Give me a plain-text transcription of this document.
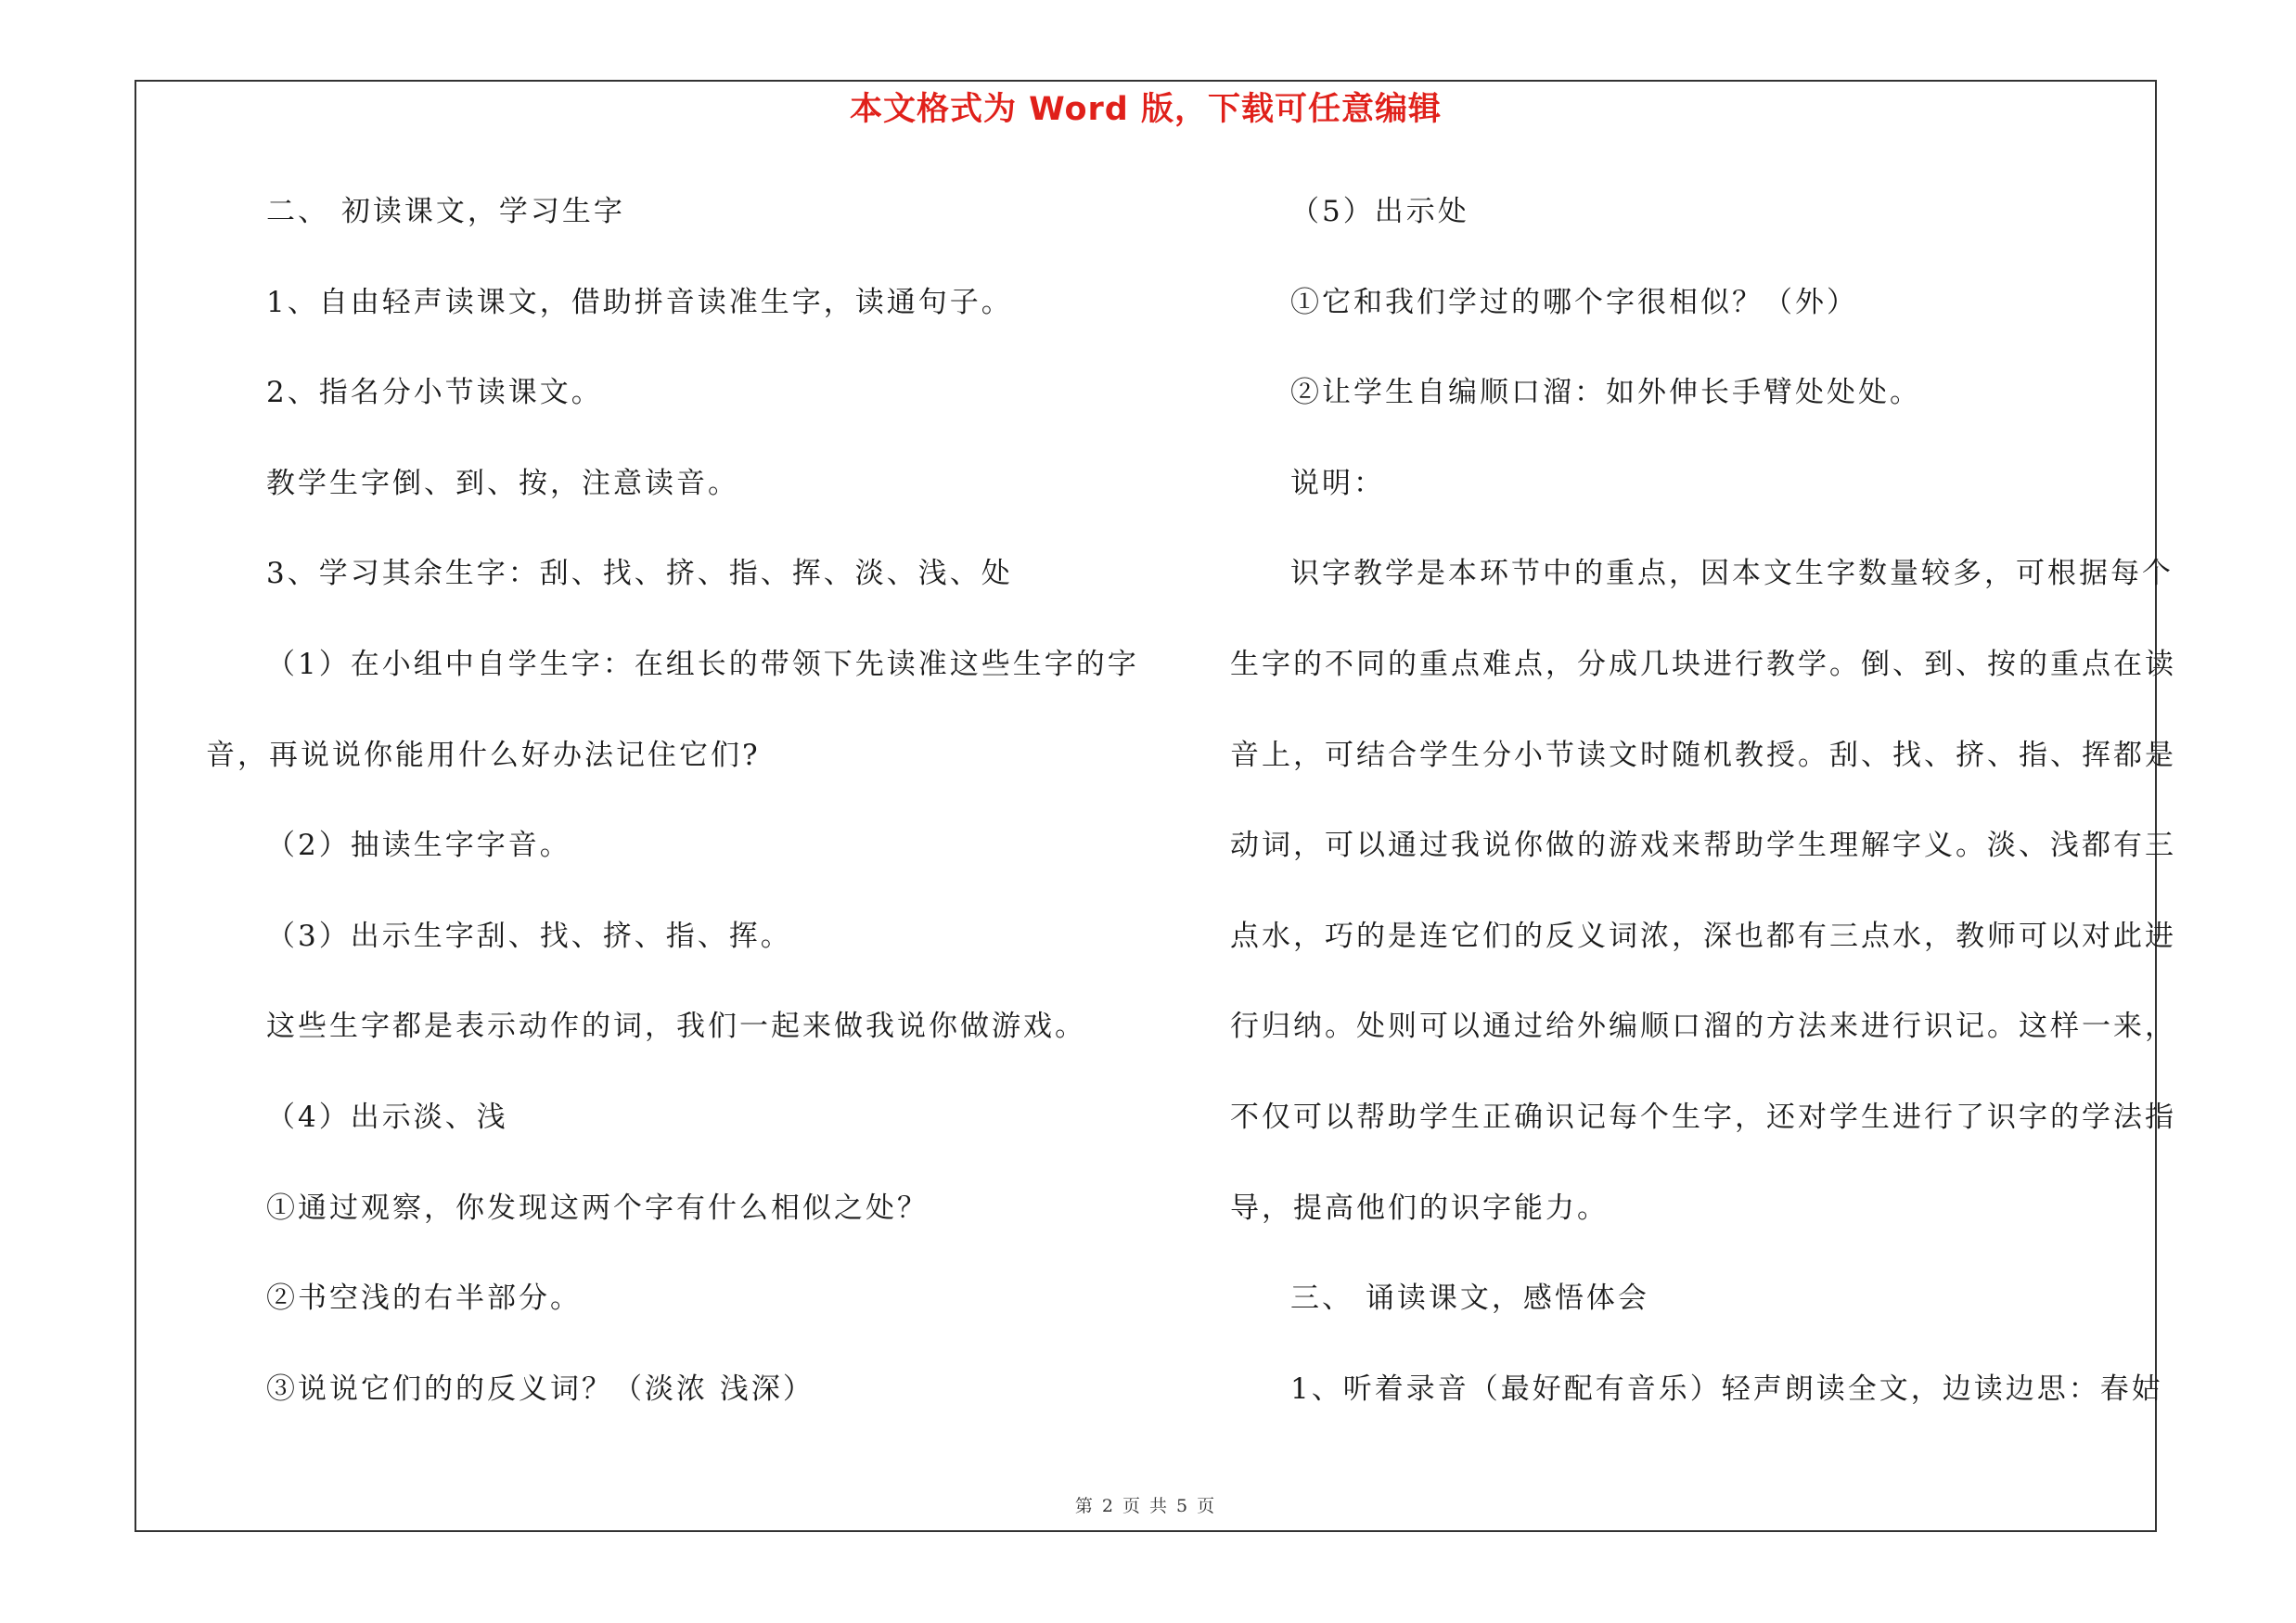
本文格式为 Word 版，下载可任意编辑
二、 初读课文，学习生字
1、自由轻声读课文，借助拼音读准生字，读通句子。
2、指名分小节读课文。
教学生字倒、到、按，注意读音。
3、学习其余生字：刮、找、挤、指、挥、淡、浅、处
（1）在小组中自学生字：在组长的带领下先读准这些生字的字
音，再说说你能用什么好办法记住它们?
（2）抽读生字字音。
（3）出示生字刮、找、挤、指、挥。
这些生字都是表示动作的词，我们一起来做我说你做游戏。
（4）出示淡、浅
①通过观察，你发现这两个字有什么相似之处？
②书空浅的右半部分。
③说说它们的的反义词？（淡浓 浅深）
（5）出示处
①它和我们学过的哪个字很相似？（外）
②让学生自编顺口溜：如外伸长手臂处处处。
说明：
识字教学是本环节中的重点，因本文生字数量较多，可根据每个
生字的不同的重点难点，分成几块进行教学。倒、到、按的重点在读
音上，可结合学生分小节读文时随机教授。刮、找、挤、指、挥都是
动词，可以通过我说你做的游戏来帮助学生理解字义。淡、浅都有三
点水，巧的是连它们的反义词浓，深也都有三点水，教师可以对此进
行归纳。处则可以通过给外编顺口溜的方法来进行识记。这样一来，
不仅可以帮助学生正确识记每个生字，还对学生进行了识字的学法指
导，提高他们的识字能力。
三、 诵读课文，感悟体会
1、听着录音（最好配有音乐）轻声朗读全文，边读边思：春姑
第 2 页 共 5 页
